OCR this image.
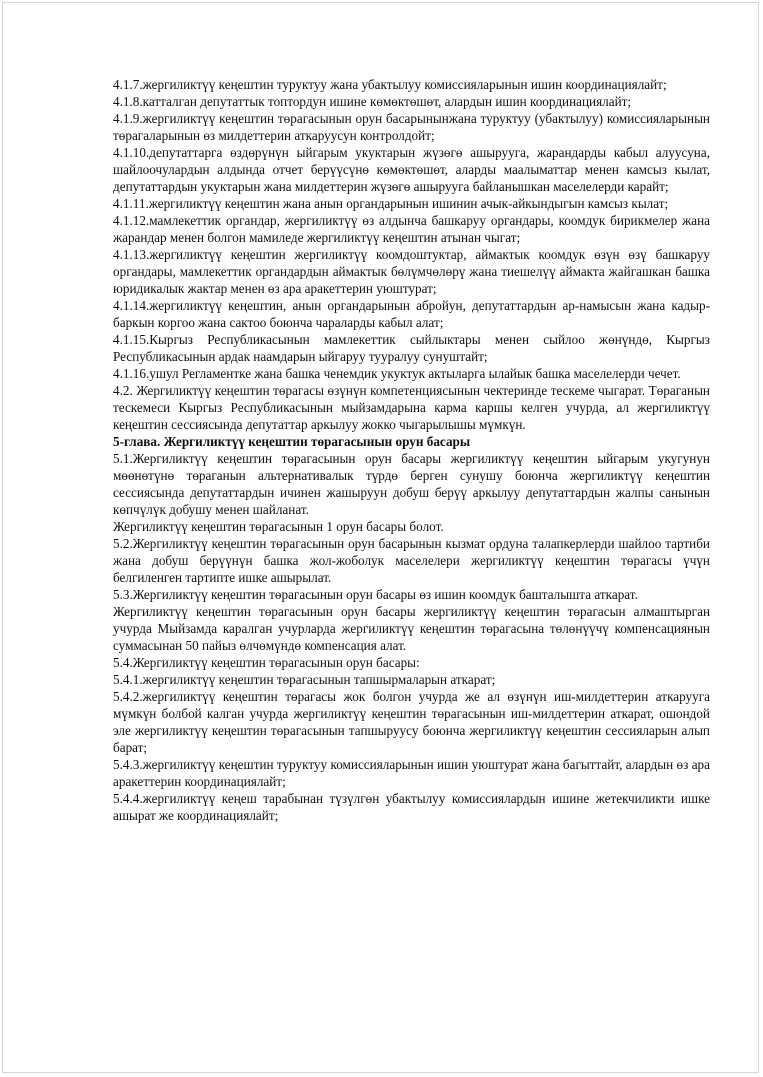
4.1.7.жергиликтүү кеңештин туруктуу жана убактылуу комиссияларынын ишин координациялайт;

4.1.8.катталган депутаттык топтордун ишине көмөктөшөт, алардын ишин координациялайт;

4.1.9.жергиликтүү кеңештин төрагасынын орун басарынынжана туруктуу (убактылуу) комиссияларынын төрагаларынын өз милдеттерин аткаруусун контролдойт;

4.1.10.депутаттарга өздөрүнүн ыйгарым укуктарын жүзөгө ашырууга, жарандарды кабыл алуусуна, шайлоочулардын алдында отчет берүүсүнө көмөктөшөт, аларды маалыматтар менен камсыз кылат, депутаттардын укуктарын жана милдеттерин жүзөгө ашырууга байланышкан маселелерди карайт;

4.1.11.жергиликтүү кеңештин жана анын органдарынын ишинин ачык-айкындыгын камсыз кылат;

4.1.12.мамлекеттик органдар, жергиликтүү өз алдынча башкаруу органдары, коомдук бирикмелер жана жарандар менен болгон мамиледе жергиликтүү кеңештин атынан чыгат;

4.1.13.жергиликтүү кеңештин жергиликтүү коомдоштуктар, аймактык коомдук өзүн өзү башкаруу органдары, мамлекеттик органдардын аймактык бөлүмчөлөрү жана тиешелүү аймакта жайгашкан башка юридикалык жактар менен өз ара аракеттерин уюштурат;

4.1.14.жергиликтүү кеңештин, анын органдарынын абройун, депутаттардын ар-намысын жана кадыр-баркын коргоо жана сактоо боюнча чараларды кабыл алат;

4.1.15.Кыргыз Республикасынын мамлекеттик сыйлыктары менен сыйлоо жөнүндө, Кыргыз Республикасынын ардак наамдарын ыйгаруу тууралуу сунуштайт;

4.1.16.ушул Регламентке жана башка ченемдик укуктук актыларга ылайык башка маселелерди чечет.

4.2. Жергиликтүү кеңештин төрагасы өзүнүн компетенциясынын чектеринде тескеме чыгарат. Төраганын тескемеси Кыргыз Республикасынын мыйзамдарына карма каршы келген учурда, ал жергиликтүү кеңештин сессиясында депутаттар аркылуу жокко чыгарылышы мүмкүн.

5-глава. Жергиликтүү кеңештин төрагасынын орун басары

5.1.Жергиликтүү кеңештин төрагасынын орун басары жергиликтүү кеңештин ыйгарым укугунун мөөнөтүнө төраганын альтернативалык түрдө берген сунушу боюнча жергиликтүү кеңештин сессиясында депутаттардын ичинен жашыруун добуш берүү аркылуу депутаттардын жалпы санынын көпчүлүк добушу менен шайланат.

Жергиликтүү кеңештин төрагасынын 1 орун басары болот.

5.2.Жергиликтүү кеңештин төрагасынын орун басарынын кызмат ордуна талапкерлерди шайлоо тартиби жана добуш берүүнүн башка жол-жоболук маселелери жергиликтүү кеңештин төрагасы үчүн белгиленген тартипте ишке ашырылат.

5.3.Жергиликтүү кеңештин төрагасынын орун басары өз ишин коомдук башталышта аткарат.

Жергиликтүү кеңештин төрагасынын орун басары жергиликтүү кеңештин төрагасын алмаштырган учурда Мыйзамда каралган учурларда жергиликтүү кеңештин төрагасына төлөнүүчү компенсациянын суммасынан 50 пайыз өлчөмүндө компенсация алат.

5.4.Жергиликтүү кеңештин төрагасынын орун басары:

5.4.1.жергиликтүү кеңештин төрагасынын тапшырмаларын аткарат;

5.4.2.жергиликтүү кеңештин төрагасы жок болгон учурда же ал өзүнүн иш-милдеттерин аткарууга мүмкүн болбой калган учурда жергиликтүү кеңештин төрагасынын иш-милдеттерин аткарат, ошондой эле жергиликтүү кеңештин төрагасынын тапшыруусу боюнча жергиликтүү кеңештин сессияларын алып барат;

5.4.3.жергиликтүү кеңештин туруктуу комиссияларынын ишин уюштурат жана багыттайт, алардын өз ара аракеттерин координациялайт;

5.4.4.жергиликтүү кеңеш тарабынан түзүлгөн убактылуу комиссиялардын ишине жетекчиликти ишке ашырат же координациялайт;
